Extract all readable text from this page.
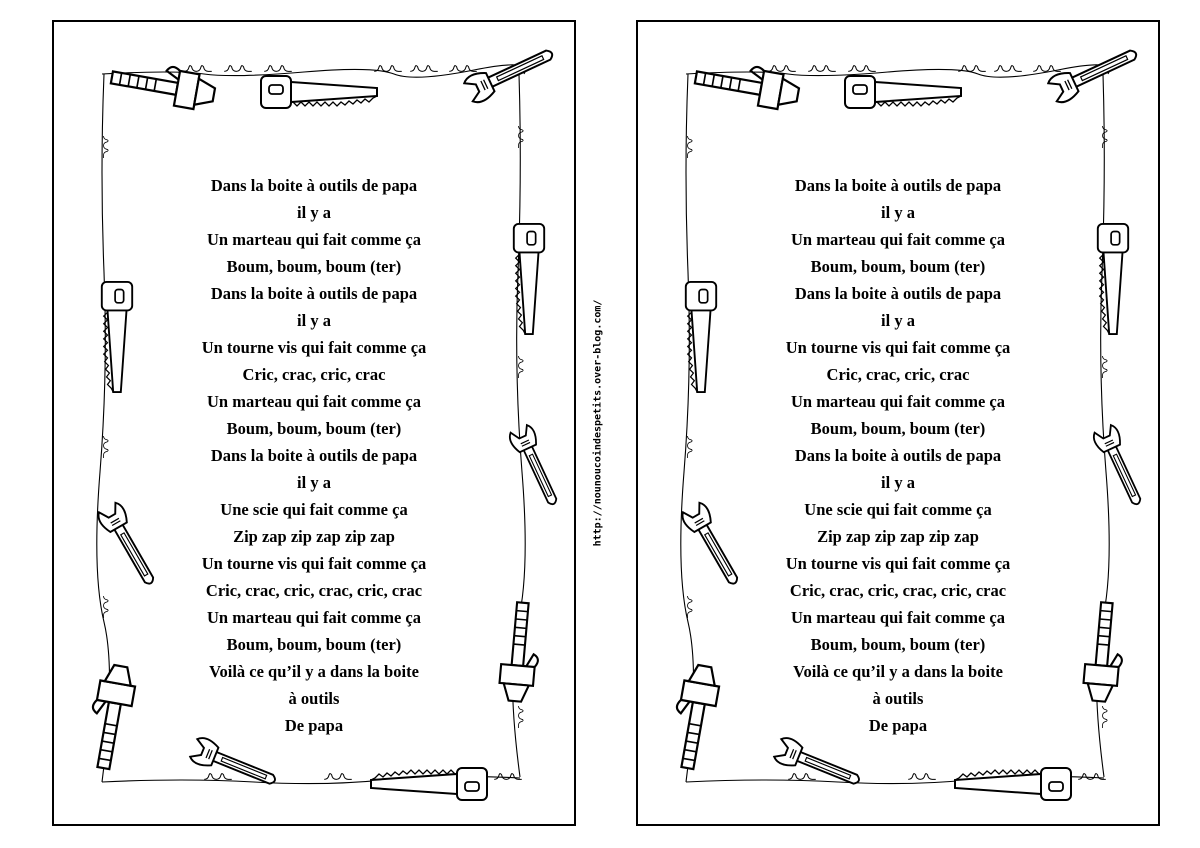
Dans la boite à outils de papa
il y a
Un marteau qui fait comme ça
Boum, boum, boum (ter)
Dans la boite à outils de papa
il y a
Un tourne vis qui fait comme ça
Cric, crac, cric, crac
Un marteau qui fait comme ça
Boum, boum, boum (ter)
Dans la boite à outils de papa
il y a
Une scie qui fait comme ça
Zip zap zip zap zip zap
Un tourne vis qui fait comme ça
Cric, crac, cric, crac, cric, crac
Un marteau qui fait comme ça
Boum, boum, boum (ter)
Voilà ce qu’il y a dans la boite
à outils
De papa
http://nounoucoindespetits.over-blog.com/
Dans la boite à outils de papa
il y a
Un marteau qui fait comme ça
Boum, boum, boum (ter)
Dans la boite à outils de papa
il y a
Un tourne vis qui fait comme ça
Cric, crac, cric, crac
Un marteau qui fait comme ça
Boum, boum, boum (ter)
Dans la boite à outils de papa
il y a
Une scie qui fait comme ça
Zip zap zip zap zip zap
Un tourne vis qui fait comme ça
Cric, crac, cric, crac, cric, crac
Un marteau qui fait comme ça
Boum, boum, boum (ter)
Voilà ce qu’il y a dans la boite
à outils
De papa
